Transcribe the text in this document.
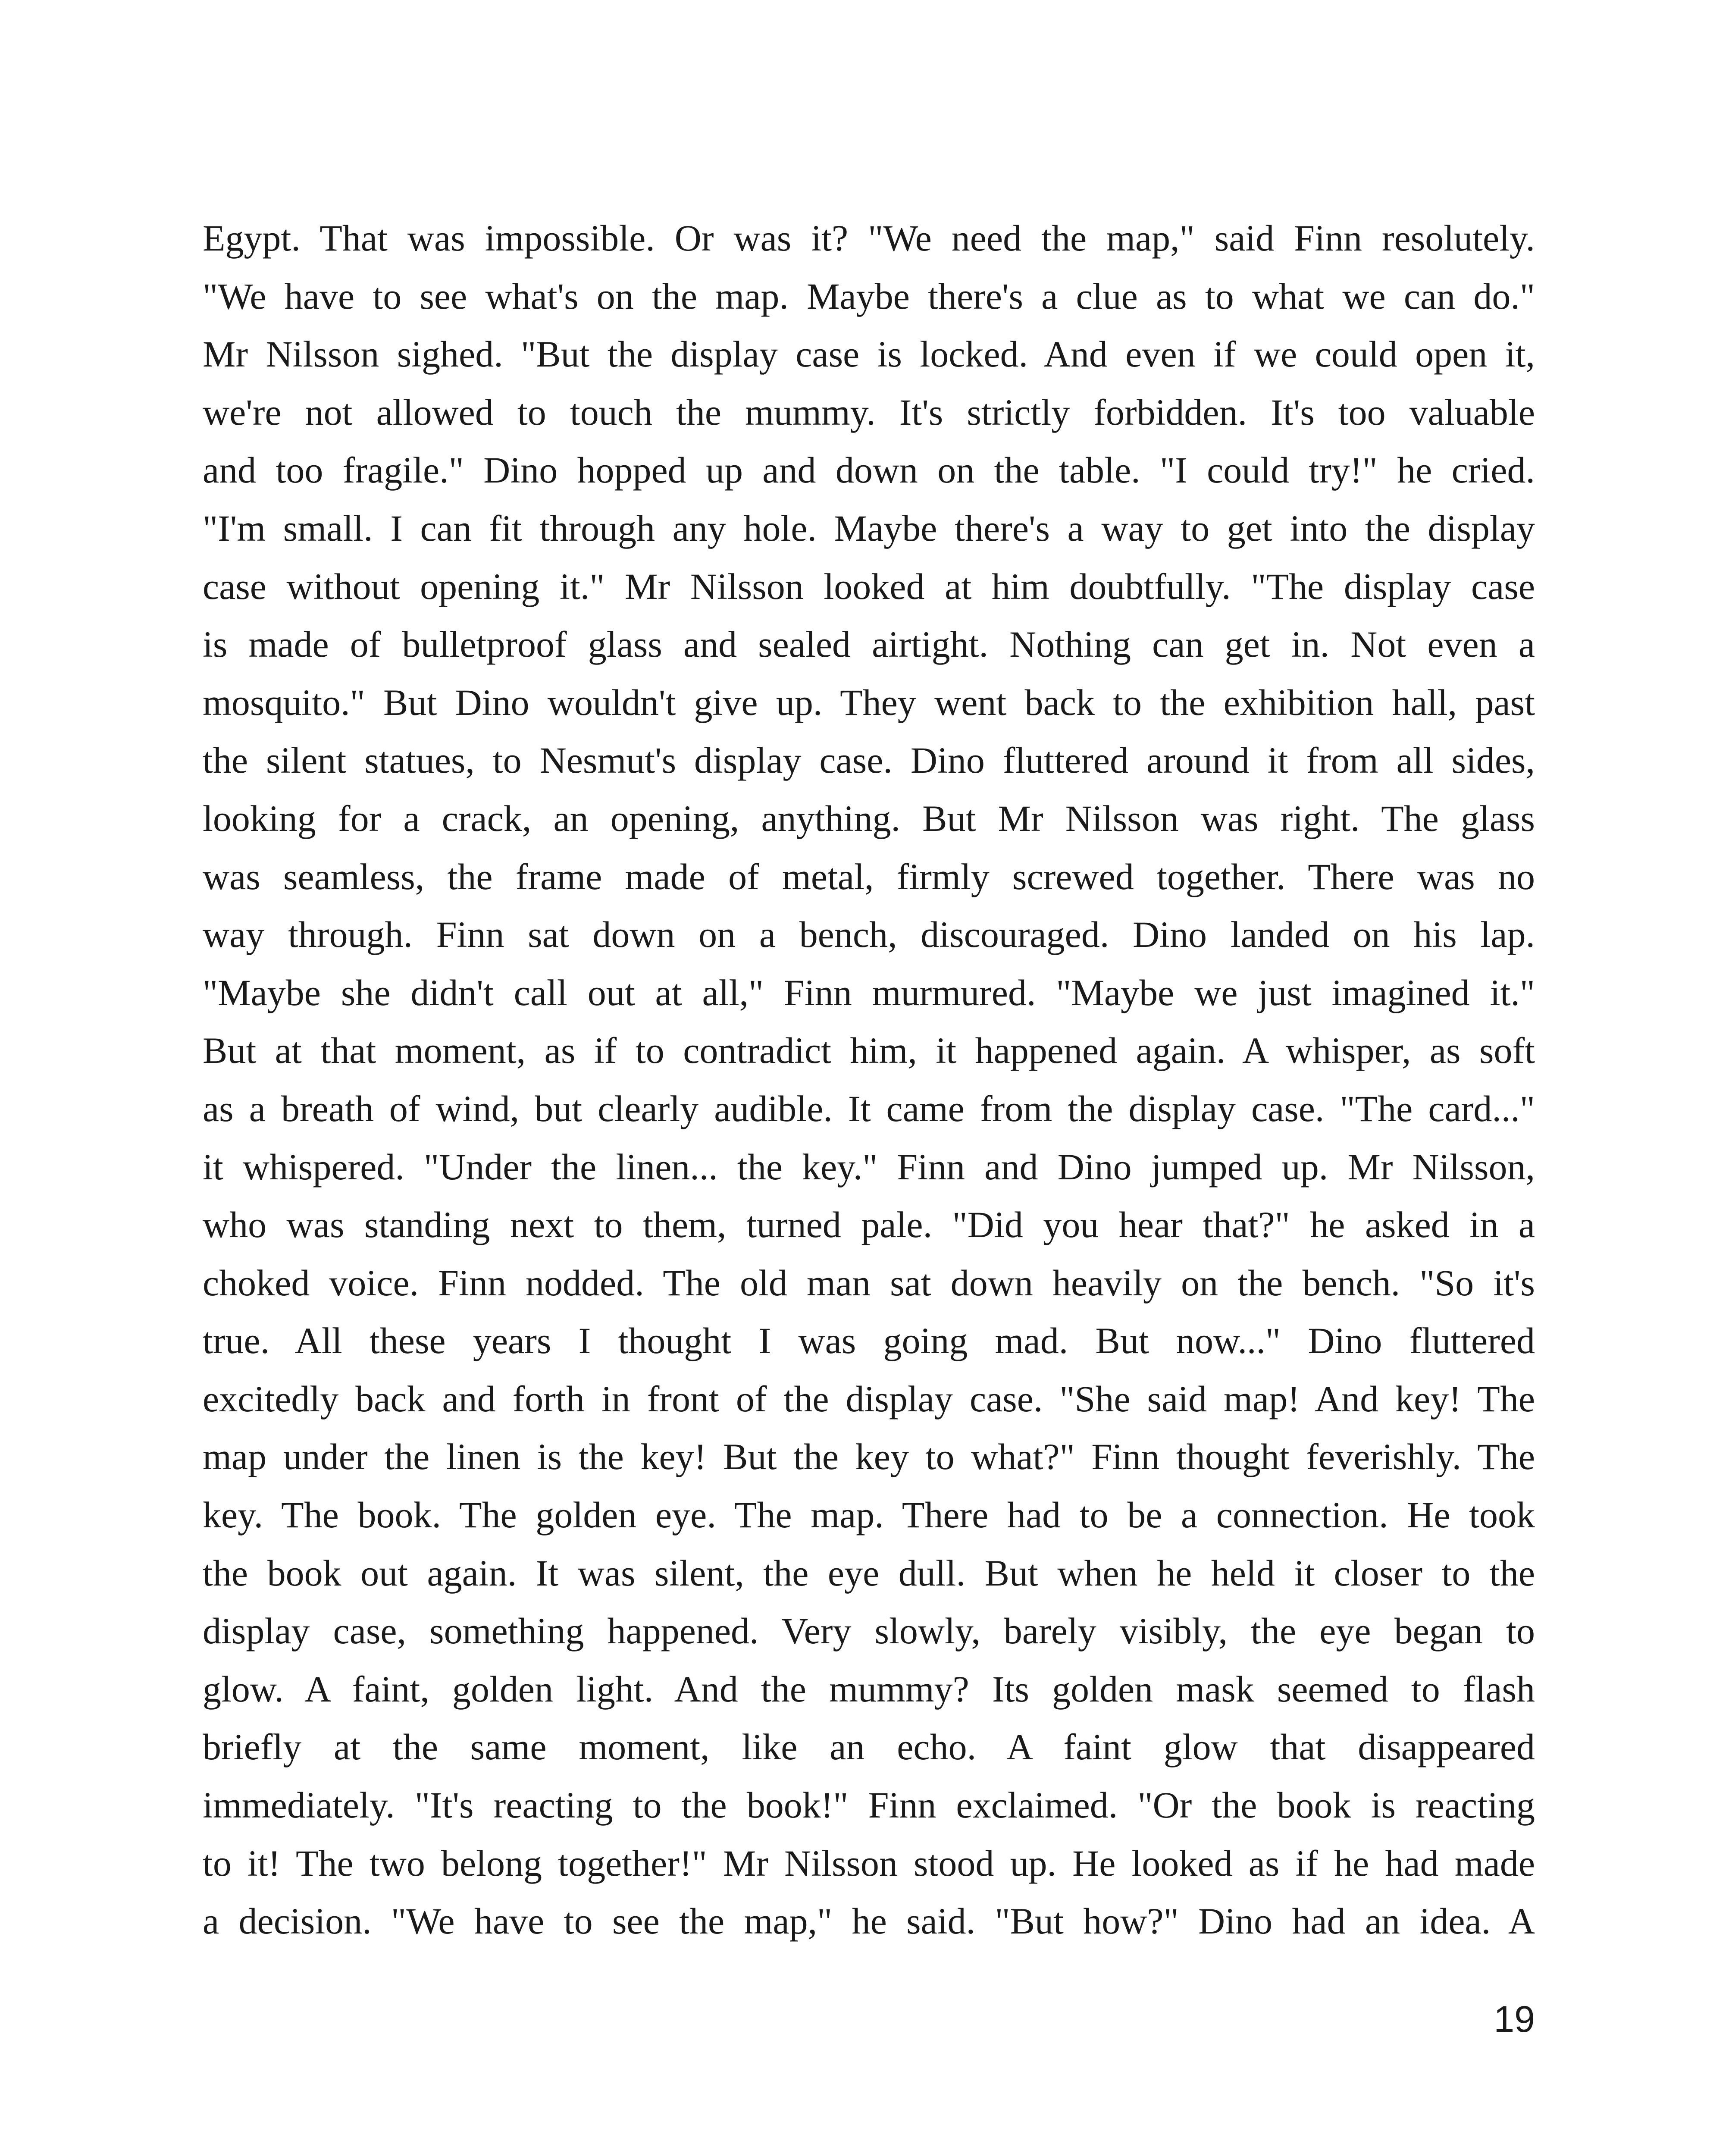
Egypt. That was impossible. Or was it? "We need the map," said Finn resolutely.
"We have to see what's on the map. Maybe there's a clue as to what we can do."
Mr Nilsson sighed. "But the display case is locked. And even if we could open it,
we're not allowed to touch the mummy. It's strictly forbidden. It's too valuable
and too fragile." Dino hopped up and down on the table. "I could try!" he cried.
"I'm small. I can fit through any hole. Maybe there's a way to get into the display
case without opening it." Mr Nilsson looked at him doubtfully. "The display case
is made of bulletproof glass and sealed airtight. Nothing can get in. Not even a
mosquito." But Dino wouldn't give up. They went back to the exhibition hall, past
the silent statues, to Nesmut's display case. Dino fluttered around it from all sides,
looking for a crack, an opening, anything. But Mr Nilsson was right. The glass
was seamless, the frame made of metal, firmly screwed together. There was no
way through. Finn sat down on a bench, discouraged. Dino landed on his lap.
"Maybe she didn't call out at all," Finn murmured. "Maybe we just imagined it."
But at that moment, as if to contradict him, it happened again. A whisper, as soft
as a breath of wind, but clearly audible. It came from the display case. "The card..."
it whispered. "Under the linen... the key." Finn and Dino jumped up. Mr Nilsson,
who was standing next to them, turned pale. "Did you hear that?" he asked in a
choked voice. Finn nodded. The old man sat down heavily on the bench. "So it's
true. All these years I thought I was going mad. But now..." Dino fluttered
excitedly back and forth in front of the display case. "She said map! And key! The
map under the linen is the key! But the key to what?" Finn thought feverishly. The
key. The book. The golden eye. The map. There had to be a connection. He took
the book out again. It was silent, the eye dull. But when he held it closer to the
display case, something happened. Very slowly, barely visibly, the eye began to
glow. A faint, golden light. And the mummy? Its golden mask seemed to flash
briefly at the same moment, like an echo. A faint glow that disappeared
immediately. "It's reacting to the book!" Finn exclaimed. "Or the book is reacting
to it! The two belong together!" Mr Nilsson stood up. He looked as if he had made
a decision. "We have to see the map," he said. "But how?" Dino had an idea. A
19
